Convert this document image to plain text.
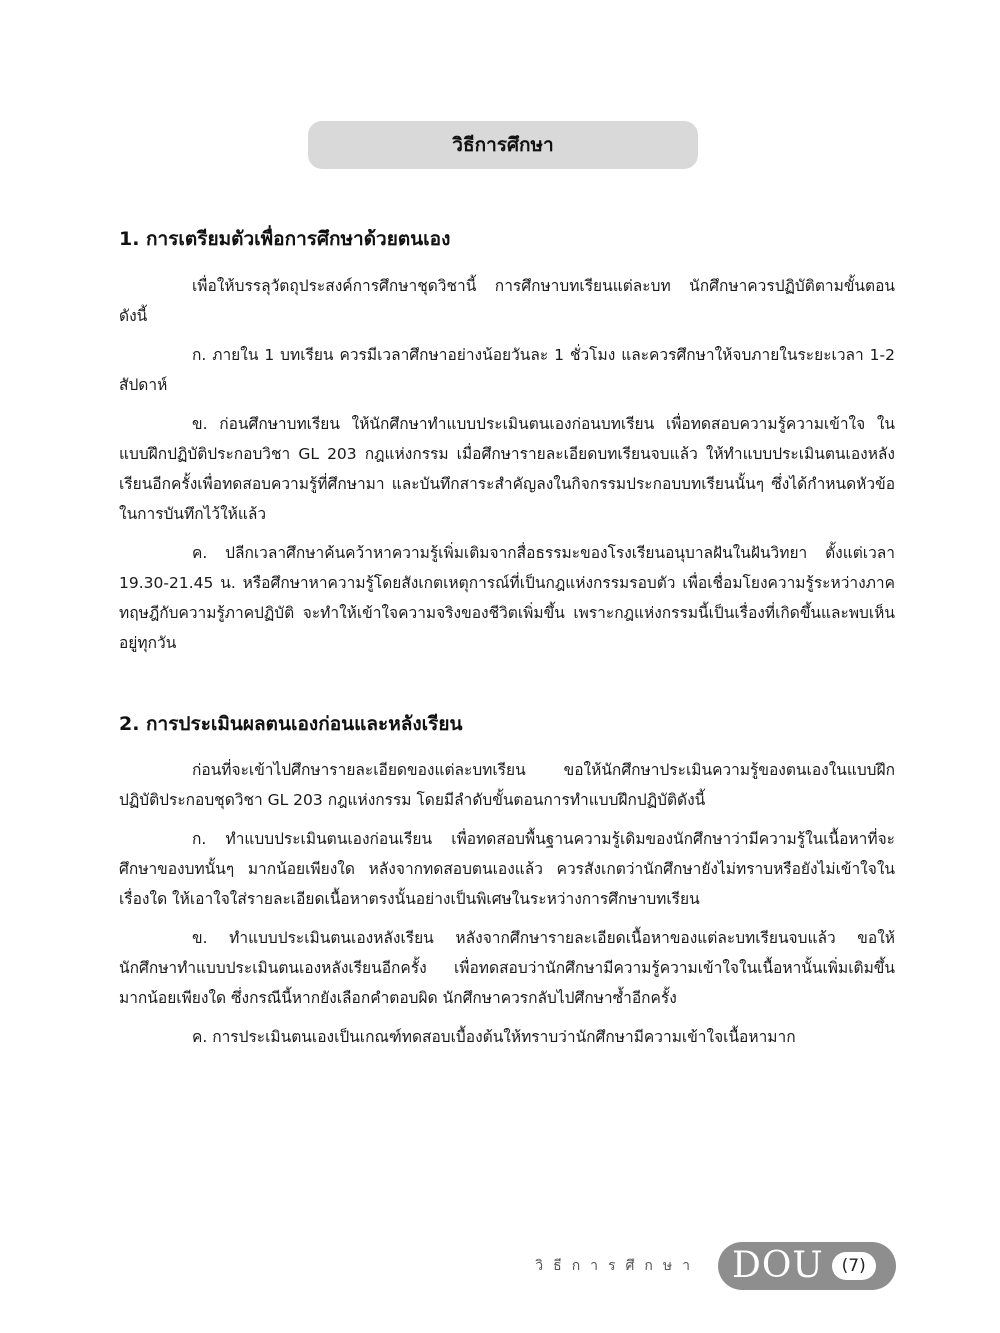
วิธีการศึกษา
1. การเตรียมตัวเพื่อการศึกษาด้วยตนเอง

เพื่อให้บรรลุวัตถุประสงค์การศึกษาชุดวิชานี้ การศึกษาบทเรียนแต่ละบท นักศึกษาควรปฏิบัติตามขั้นตอนดังนี้

ก. ภายใน 1 บทเรียน ควรมีเวลาศึกษาอย่างน้อยวันละ 1 ชั่วโมง และควรศึกษาให้จบภายในระยะเวลา 1-2 สัปดาห์

ข. ก่อนศึกษาบทเรียน ให้นักศึกษาทำแบบประเมินตนเองก่อนบทเรียน เพื่อทดสอบความรู้ความเข้าใจ ในแบบฝึกปฏิบัติประกอบวิชา GL 203 กฎแห่งกรรม เมื่อศึกษารายละเอียดบทเรียนจบแล้ว ให้ทำแบบประเมินตนเองหลังเรียนอีกครั้งเพื่อทดสอบความรู้ที่ศึกษามา และบันทึกสาระสำคัญลงในกิจกรรมประกอบบทเรียนนั้นๆ ซึ่งได้กำหนดหัวข้อในการบันทึกไว้ให้แล้ว

ค. ปลีกเวลาศึกษาค้นคว้าหาความรู้เพิ่มเติมจากสื่อธรรมะของโรงเรียนอนุบาลฝันในฝันวิทยา ตั้งแต่เวลา 19.30-21.45 น. หรือศึกษาหาความรู้โดยสังเกตเหตุการณ์ที่เป็นกฎแห่งกรรมรอบตัว เพื่อเชื่อมโยงความรู้ระหว่างภาคทฤษฎีกับความรู้ภาคปฏิบัติ จะทำให้เข้าใจความจริงของชีวิตเพิ่มขึ้น เพราะกฎแห่งกรรมนี้เป็นเรื่องที่เกิดขึ้นและพบเห็นอยู่ทุกวัน

2. การประเมินผลตนเองก่อนและหลังเรียน

ก่อนที่จะเข้าไปศึกษารายละเอียดของแต่ละบทเรียน ขอให้นักศึกษาประเมินความรู้ของตนเองในแบบฝึกปฏิบัติประกอบชุดวิชา GL 203 กฎแห่งกรรม โดยมีลำดับขั้นตอนการทำแบบฝึกปฏิบัติดังนี้

ก. ทำแบบประเมินตนเองก่อนเรียน เพื่อทดสอบพื้นฐานความรู้เดิมของนักศึกษาว่ามีความรู้ในเนื้อหาที่จะศึกษาของบทนั้นๆ มากน้อยเพียงใด หลังจากทดสอบตนเองแล้ว ควรสังเกตว่านักศึกษายังไม่ทราบหรือยังไม่เข้าใจในเรื่องใด ให้เอาใจใส่รายละเอียดเนื้อหาตรงนั้นอย่างเป็นพิเศษในระหว่างการศึกษาบทเรียน

ข. ทำแบบประเมินตนเองหลังเรียน หลังจากศึกษารายละเอียดเนื้อหาของแต่ละบทเรียนจบแล้ว ขอให้นักศึกษาทำแบบประเมินตนเองหลังเรียนอีกครั้ง เพื่อทดสอบว่านักศึกษามีความรู้ความเข้าใจในเนื้อหานั้นเพิ่มเติมขึ้นมากน้อยเพียงใด ซึ่งกรณีนี้หากยังเลือกคำตอบผิด นักศึกษาควรกลับไปศึกษาซ้ำอีกครั้ง

ค. การประเมินตนเองเป็นเกณฑ์ทดสอบเบื้องต้นให้ทราบว่านักศึกษามีความเข้าใจเนื้อหามาก

วิธีการศึกษา DOU	(7)
